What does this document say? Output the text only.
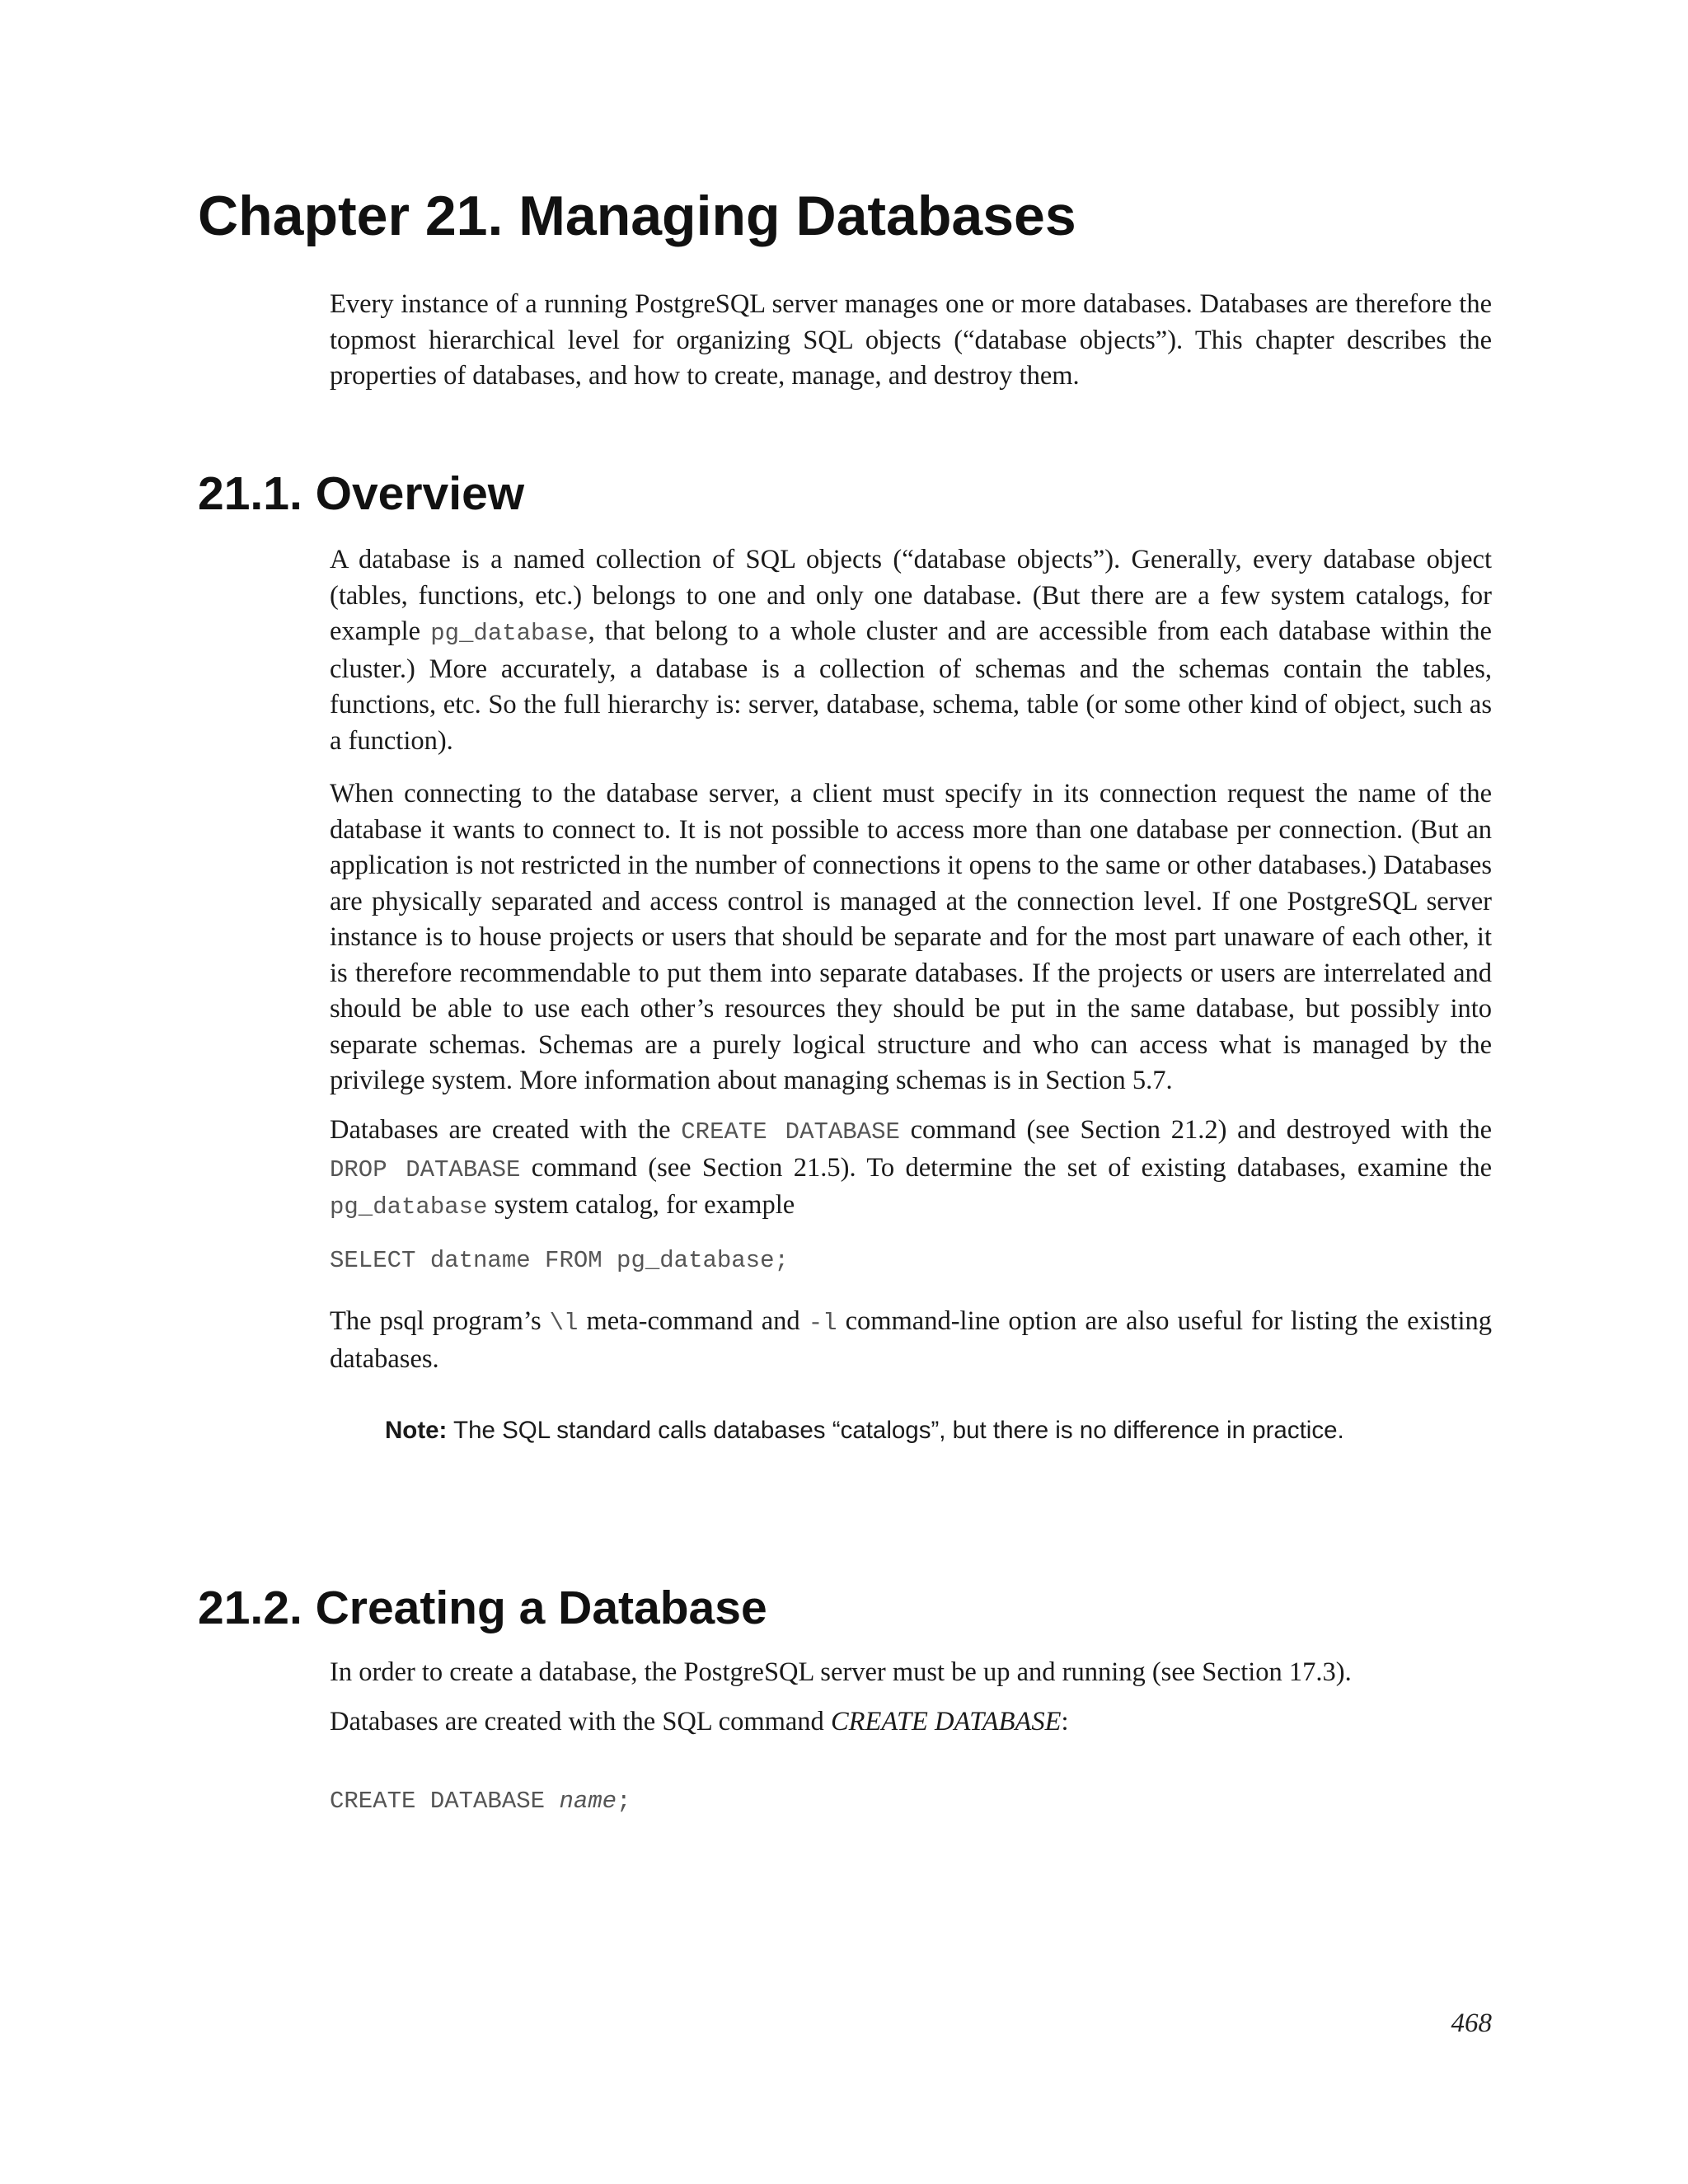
Chapter 21. Managing Databases

Every instance of a running PostgreSQL server manages one or more databases. Databases are therefore the topmost hierarchical level for organizing SQL objects (“database objects”). This chapter describes the properties of databases, and how to create, manage, and destroy them.

21.1. Overview

A database is a named collection of SQL objects (“database objects”). Generally, every database object (tables, functions, etc.) belongs to one and only one database. (But there are a few system catalogs, for example pg_database, that belong to a whole cluster and are accessible from each database within the cluster.) More accurately, a database is a collection of schemas and the schemas contain the tables, functions, etc. So the full hierarchy is: server, database, schema, table (or some other kind of object, such as a function).

When connecting to the database server, a client must specify in its connection request the name of the database it wants to connect to. It is not possible to access more than one database per connection. (But an application is not restricted in the number of connections it opens to the same or other databases.) Databases are physically separated and access control is managed at the connection level. If one PostgreSQL server instance is to house projects or users that should be separate and for the most part unaware of each other, it is therefore recommendable to put them into separate databases. If the projects or users are interrelated and should be able to use each other’s resources they should be put in the same database, but possibly into separate schemas. Schemas are a purely logical structure and who can access what is managed by the privilege system. More information about managing schemas is in Section 5.7.

Databases are created with the CREATE DATABASE command (see Section 21.2) and destroyed with the DROP DATABASE command (see Section 21.5). To determine the set of existing databases, examine the pg_database system catalog, for example

SELECT datname FROM pg_database;

The psql program’s \l meta-command and -l command-line option are also useful for listing the existing databases.

Note: The SQL standard calls databases “catalogs”, but there is no difference in practice.
21.2. Creating a Database

In order to create a database, the PostgreSQL server must be up and running (see Section 17.3).

Databases are created with the SQL command CREATE DATABASE:

CREATE DATABASE name;
468
